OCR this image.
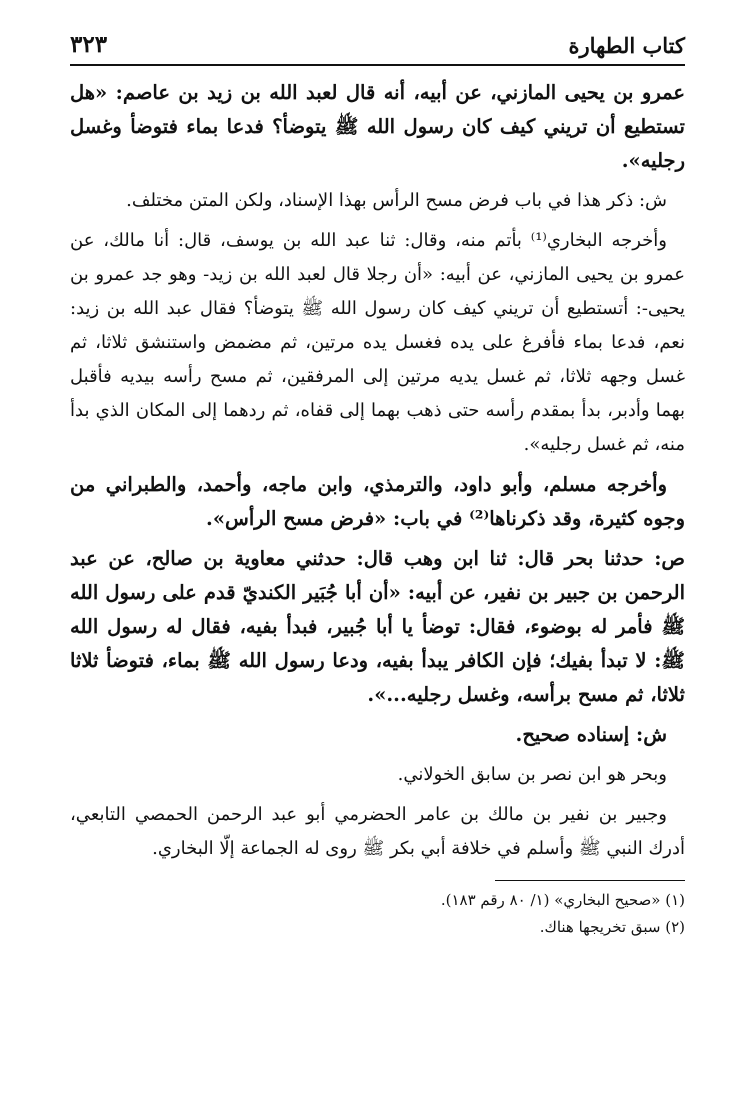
كتاب الطهارة
٣٢٣

عمرو بن يحيى المازني، عن أبيه، أنه قال لعبد الله بن زيد بن عاصم: «هل تستطيع أن تريني كيف كان رسول الله ﷺ يتوضأ؟ فدعا بماء فتوضأ وغسل رجليه».

ش: ذكر هذا في باب فرض مسح الرأس بهذا الإسناد، ولكن المتن مختلف.

وأخرجه البخاري⁽¹⁾ بأتم منه، وقال: ثنا عبد الله بن يوسف، قال: أنا مالك، عن عمرو بن يحيى المازني، عن أبيه: «أن رجلا قال لعبد الله بن زيد- وهو جد عمرو بن يحيى-: أتستطيع أن تريني كيف كان رسول الله ﷺ يتوضأ؟ فقال عبد الله بن زيد: نعم، فدعا بماء فأفرغ على يده فغسل يده مرتين، ثم مضمض واستنشق ثلاثا، ثم غسل وجهه ثلاثا، ثم غسل يديه مرتين إلى المرفقين، ثم مسح رأسه بيديه فأقبل بهما وأدبر، بدأ بمقدم رأسه حتى ذهب بهما إلى قفاه، ثم ردهما إلى المكان الذي بدأ منه، ثم غسل رجليه».

وأخرجه مسلم، وأبو داود، والترمذي، وابن ماجه، وأحمد، والطبراني من وجوه كثيرة، وقد ذكرناها⁽²⁾ في باب: «فرض مسح الرأس».

ص: حدثنا بحر قال: ثنا ابن وهب قال: حدثني معاوية بن صالح، عن عبد الرحمن بن جبير بن نفير، عن أبيه: «أن أبا جُبَير الكنديّ قدم على رسول الله ﷺ فأمر له بوضوء، فقال: توضأ يا أبا جُبير، فبدأ بفيه، فقال له رسول الله ﷺ: لا تبدأ بفيك؛ فإن الكافر يبدأ بفيه، ودعا رسول الله ﷺ بماء، فتوضأ ثلاثا ثلاثا، ثم مسح برأسه، وغسل رجليه...».

ش: إسناده صحيح.

وبحر هو ابن نصر بن سابق الخولاني.

وجبير بن نفير بن مالك بن عامر الحضرمي أبو عبد الرحمن الحمصي التابعي، أدرك النبي ﷺ وأسلم في خلافة أبي بكر ﷺ روى له الجماعة إلّا البخاري.

(١) «صحيح البخاري» (١/ ٨٠ رقم ١٨٣).

(٢) سبق تخريجها هناك.
